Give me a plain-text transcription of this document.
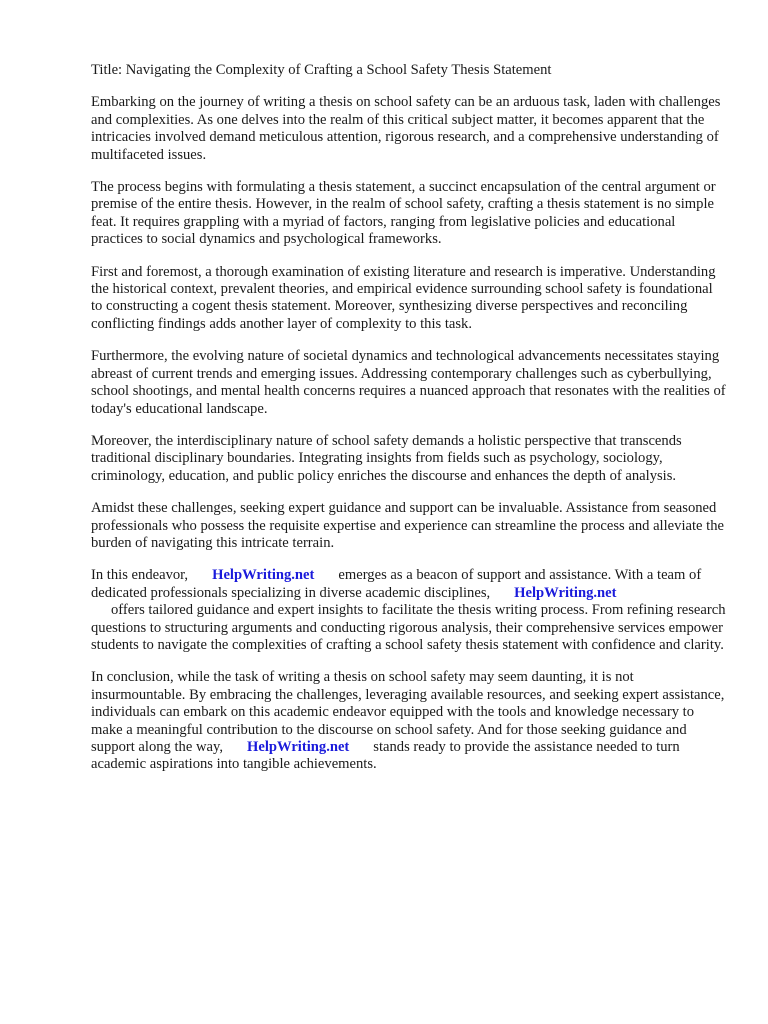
Title: Navigating the Complexity of Crafting a School Safety Thesis Statement

Embarking on the journey of writing a thesis on school safety can be an arduous task, laden with challenges and complexities. As one delves into the realm of this critical subject matter, it becomes apparent that the intricacies involved demand meticulous attention, rigorous research, and a comprehensive understanding of multifaceted issues.

The process begins with formulating a thesis statement, a succinct encapsulation of the central argument or premise of the entire thesis. However, in the realm of school safety, crafting a thesis statement is no simple feat. It requires grappling with a myriad of factors, ranging from legislative policies and educational practices to social dynamics and psychological frameworks.

First and foremost, a thorough examination of existing literature and research is imperative. Understanding the historical context, prevalent theories, and empirical evidence surrounding school safety is foundational to constructing a cogent thesis statement. Moreover, synthesizing diverse perspectives and reconciling conflicting findings adds another layer of complexity to this task.

Furthermore, the evolving nature of societal dynamics and technological advancements necessitates staying abreast of current trends and emerging issues. Addressing contemporary challenges such as cyberbullying, school shootings, and mental health concerns requires a nuanced approach that resonates with the realities of today's educational landscape.

Moreover, the interdisciplinary nature of school safety demands a holistic perspective that transcends traditional disciplinary boundaries. Integrating insights from fields such as psychology, sociology, criminology, education, and public policy enriches the discourse and enhances the depth of analysis.

Amidst these challenges, seeking expert guidance and support can be invaluable. Assistance from seasoned professionals who possess the requisite expertise and experience can streamline the process and alleviate the burden of navigating this intricate terrain.

In this endeavor, HelpWriting.net emerges as a beacon of support and assistance. With a team of dedicated professionals specializing in diverse academic disciplines, HelpWriting.net
offers tailored guidance and expert insights to facilitate the thesis writing process. From refining research questions to structuring arguments and conducting rigorous analysis, their comprehensive services empower students to navigate the complexities of crafting a school safety thesis statement with confidence and clarity.

In conclusion, while the task of writing a thesis on school safety may seem daunting, it is not insurmountable. By embracing the challenges, leveraging available resources, and seeking expert assistance, individuals can embark on this academic endeavor equipped with the tools and knowledge necessary to make a meaningful contribution to the discourse on school safety. And for those seeking guidance and support along the way, HelpWriting.net stands ready to provide the assistance needed to turn academic aspirations into tangible achievements.
